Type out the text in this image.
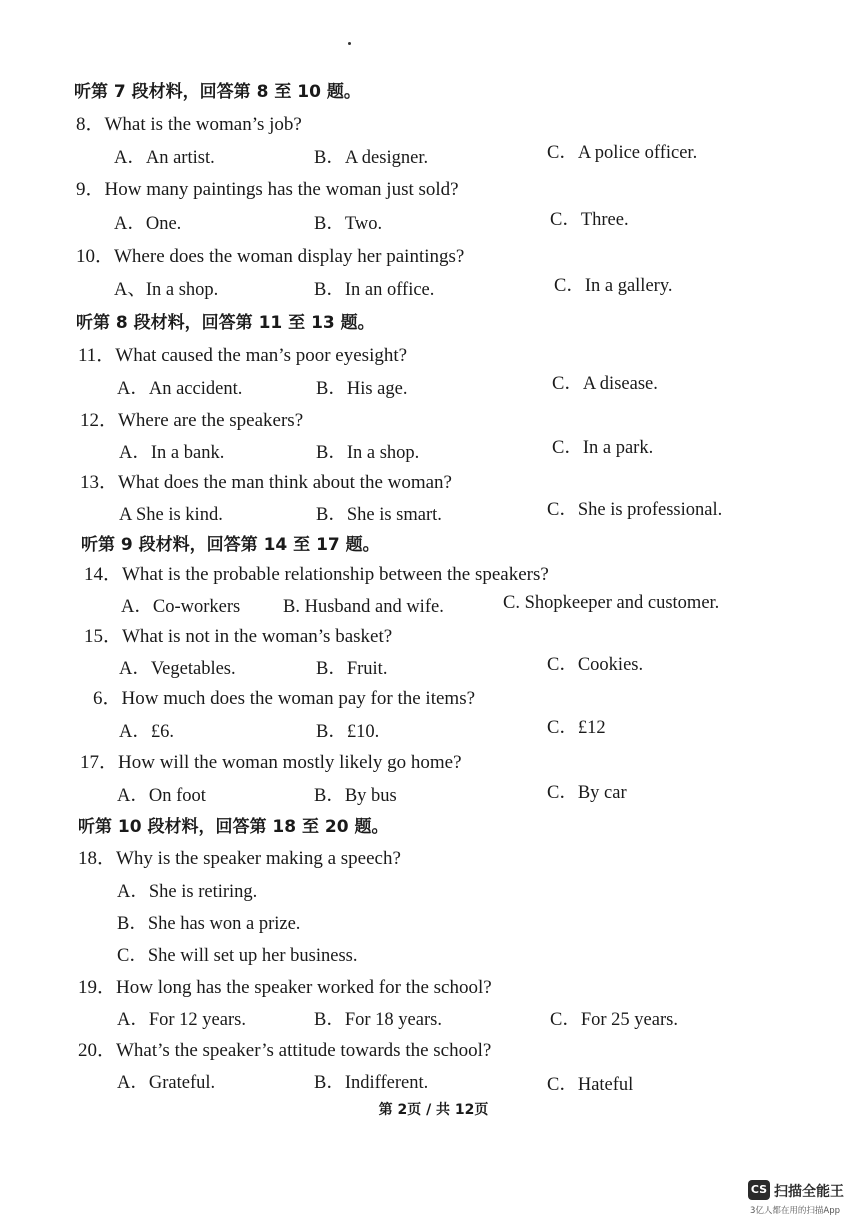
听第 7 段材料，回答第 8 至 10 题。
8．What is the woman’s job?
A．An artist.	B．A designer.	C．A police officer.
9．How many paintings has the woman just sold?
A．One.	B．Two.	C．Three.
10．Where does the woman display her paintings?
A、In a shop.	B．In an office.	C．In a gallery.
听第 8 段材料，回答第 11 至 13 题。
11．What caused the man’s poor eyesight?
A．An accident.	B．His age.	C．A disease.
12．Where are the speakers?
A．In a bank.	B．In a shop.	C．In a park.
13．What does the man think about the woman?
A She is kind.	B．She is smart.	C．She is professional.
听第 9 段材料，回答第 14 至 17 题。
14．What is the probable relationship between the speakers?
A．Co-workers B. Husband and wife.	C. Shopkeeper and customer.
15．What is not in the woman’s basket?
A．Vegetables.	B．Fruit.	C．Cookies.
6．How much does the woman pay for the items?
A．£6.	B．£10.	C．£12
17．How will the woman mostly likely go home?
A．On foot	B．By bus	C．By car
听第 10 段材料，回答第 18 至 20 题。
18．Why is the speaker making a speech?
A．She is retiring.
B．She has won a prize.
C．She will set up her business.
19．How long has the speaker worked for the school?
A．For 12 years.	B．For 18 years.	C．For 25 years.
20．What’s the speaker’s attitude towards the school?
A．Grateful.	B．Indifferent.	C．Hateful
第 2页 / 共 12页
CS 扫描全能王
3亿人都在用的扫描App
